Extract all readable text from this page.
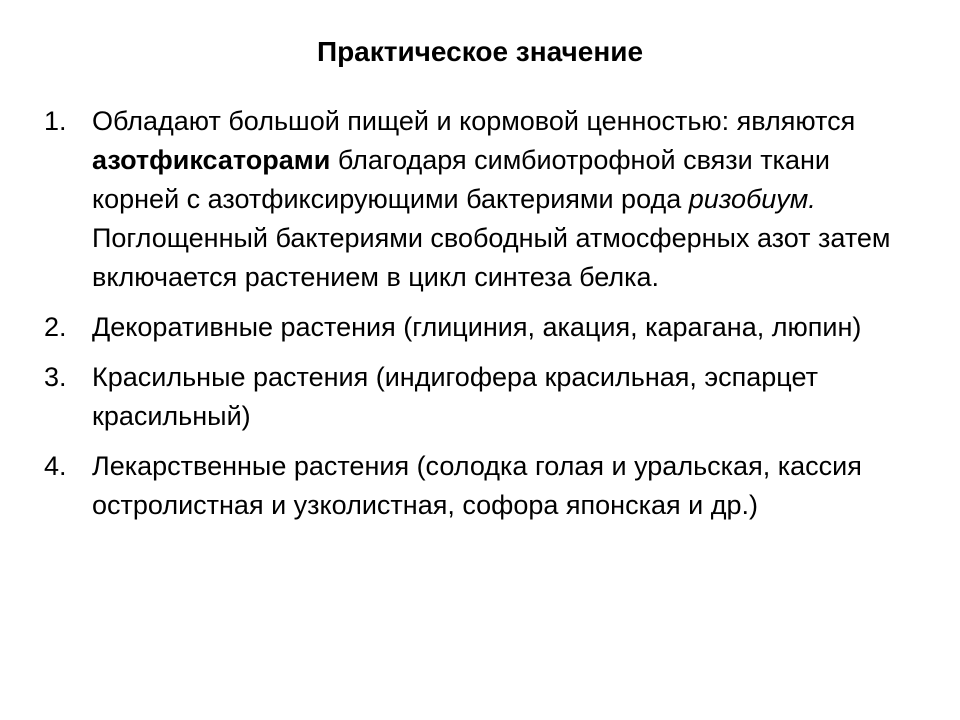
Практическое значение
1. Обладают большой пищей и кормовой ценностью: являются азотфиксаторами благодаря симбиотрофной связи ткани корней с азотфиксирующими бактериями рода ризобиум. Поглощенный бактериями свободный атмосферных азот затем включается растением в цикл синтеза белка.
2. Декоративные растения (глициния, акация, карагана, люпин)
3. Красильные растения (индигофера красильная, эспарцет красильный)
4. Лекарственные растения (солодка голая и уральская, кассия остролистная и узколистная, софора японская и др.)
